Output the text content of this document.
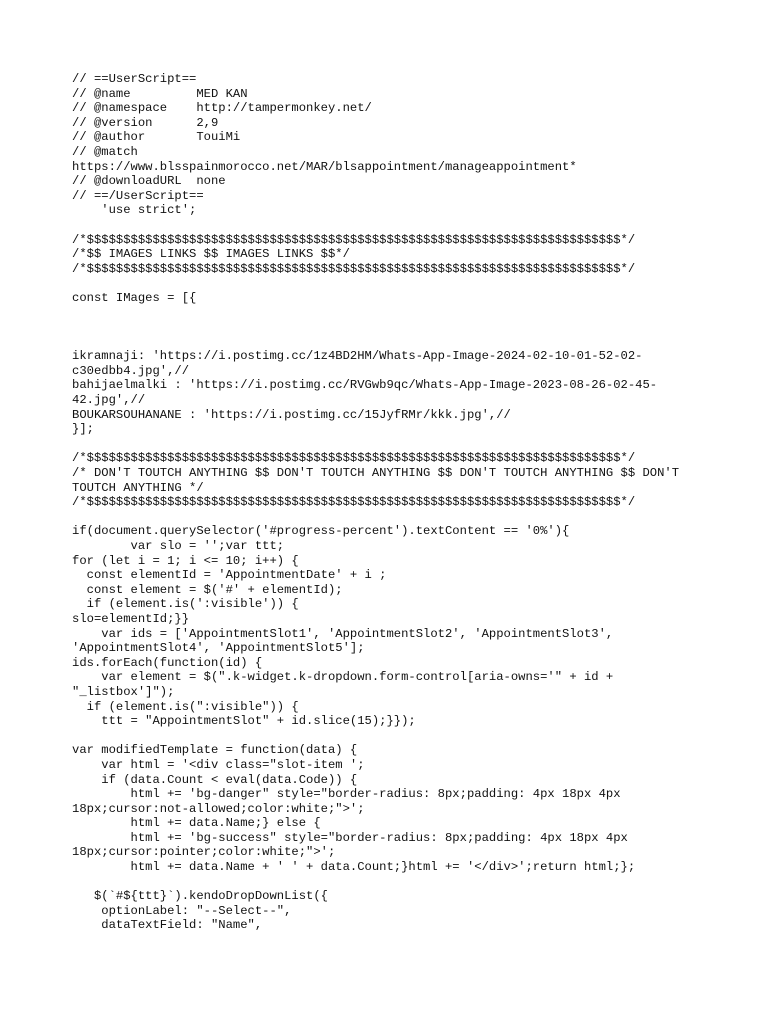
// ==UserScript==
// @name         MED KAN
// @namespace    http://tampermonkey.net/
// @version      2,9
// @author       TouiMi
// @match
https://www.blsspainmorocco.net/MAR/blsappointment/manageappointment*
// @downloadURL  none
// ==/UserScript==
'use strict';
/*$$$$$$$$$$$$$$$$$$$$$$$$$$$$$$$$$$$$$$$$$$$$$$$$$$$$$$$$$$$$$$$$$$$$$$$$$*/
/*$$ IMAGES LINKS $$ IMAGES LINKS $$*/
/*$$$$$$$$$$$$$$$$$$$$$$$$$$$$$$$$$$$$$$$$$$$$$$$$$$$$$$$$$$$$$$$$$$$$$$$$$*/
const IMages = [{
ikramnaji: 'https://i.postimg.cc/1z4BD2HM/Whats-App-Image-2024-02-10-01-52-02-
c30edbb4.jpg',//
bahijaelmalki : 'https://i.postimg.cc/RVGwb9qc/Whats-App-Image-2023-08-26-02-45-
42.jpg',//
BOUKARSOUHANANE : 'https://i.postimg.cc/15JyfRMr/kkk.jpg',//
}];
/*$$$$$$$$$$$$$$$$$$$$$$$$$$$$$$$$$$$$$$$$$$$$$$$$$$$$$$$$$$$$$$$$$$$$$$$$$*/
/* DON'T TOUTCH ANYTHING $$ DON'T TOUTCH ANYTHING $$ DON'T TOUTCH ANYTHING $$ DON'T
TOUTCH ANYTHING */
/*$$$$$$$$$$$$$$$$$$$$$$$$$$$$$$$$$$$$$$$$$$$$$$$$$$$$$$$$$$$$$$$$$$$$$$$$$*/
if(document.querySelector('#progress-percent').textContent == '0%'){
var slo = '';var ttt;
for (let i = 1; i <= 10; i++) {
const elementId = 'AppointmentDate' + i ;
const element = $('#' + elementId);
if (element.is(':visible')) {
slo=elementId;}}
var ids = ['AppointmentSlot1', 'AppointmentSlot2', 'AppointmentSlot3',
'AppointmentSlot4', 'AppointmentSlot5'];
ids.forEach(function(id) {
var element = $(".k-widget.k-dropdown.form-control[aria-owns='" + id +
"_listbox']");
if (element.is(":visible")) {
ttt = "AppointmentSlot" + id.slice(15);}});
var modifiedTemplate = function(data) {
var html = '<div class="slot-item ';
if (data.Count < eval(data.Code)) {
html += 'bg-danger" style="border-radius: 8px;padding: 4px 18px 4px
18px;cursor:not-allowed;color:white;">';
html += data.Name;} else {
html += 'bg-success" style="border-radius: 8px;padding: 4px 18px 4px
18px;cursor:pointer;color:white;">';
html += data.Name + ' ' + data.Count;}html += '</div>';return html;};
$(`#${ttt}`).kendoDropDownList({
optionLabel: "--Select--",
dataTextField: "Name",
